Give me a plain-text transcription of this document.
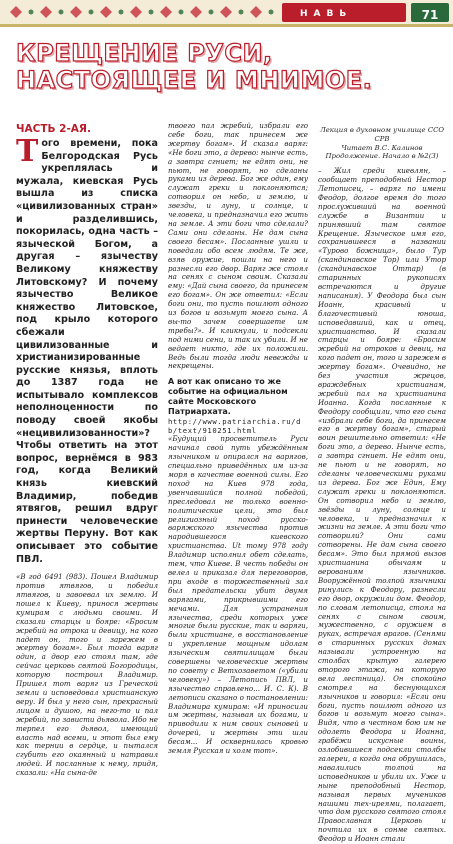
НАВЬ	71
КРЕЩЕНИЕ РУСИ,
НАСТОЯЩЕЕ И МНИМОЕ.
ЧАСТЬ 2-АЯ.

Того времени, пока Белгородская Русь укреплялась и мужала, киевская Русь вышла из списка «цивилизованных стран» и разделившись, покорилась, одна часть – языческой Богом, а другая – язычеству Великому княжеству Литовскому? И почему язычество Великое княжество Литовское, под крыло которого сбежали цивилизованные и христианизированные русские князья, вплоть до 1387 года не испытывало комплексов неполноценности по поводу своей якобы «нецивилизованности»? Чтобы ответить на этот вопрос, вернёмся в 983 год, когда Великий князь киевский Владимир, победив ятвягов, решил вдруг принести человеческие жертвы Перуну. Вот как описывает это событие ПВЛ.

«В год 6491 (983). Пошел Владимир против ятвягов, и победил ятвягов, и завоевал их землю. И пошел к Киеву, принося жертвы кумирам с людьми своими. И сказали старцы и бояре: «Бросим жребий на отрока и девицу, на кого падет он, того и зарежем в жертву богам». Был тогда варяг один, а двор его стоял там, где сейчас церковь святой Богородицы, которую построил Владимир. Пришел тот варяг из Греческой земли и исповедовал христианскую веру. И был у него сын, прекрасный лицом и душою, на него-то и пал жребий, по зависти дьявола. Ибо не терпел его дьявол, имеющий власть над всеми, и этот был ему как тернии в сердце, и пытался сгубить его окаянный и натравил людей. И посланные к нему, придя, сказали: «На сына-де

твоего пал жребий, избрали его себе боги, так принесем же жертву богам». И сказал варяг: «Не боги это, а дерево: нынче есть, а завтра сгниет; не едят они, не пьют, не говорят, но сделаны руками из дерева. Бог же один, ему служат греки и поклоняются; сотворил он небо, и землю, и звезды, и луну, и солнце, и человека, и предназначил его жить на земле. А эти боги что сделали? Сами они сделаны. Не дам сына своего бесам». Посланные ушли и поведали обо всем людям. Те же, взяв оружие, пошли на него и разнесли его двор. Варяг же стоял на сенях с сыном своим. Сказали ему: «Дай сына своего, да принесем его богам». Он же ответил: «Если боги они, то пусть пошлют одного из богов и возьмут моего сына. А вы-то зачем совершаете им требы?». И кликнули, и подсекли под ними сени, и так их убили. И не ведает никто, где их положили. Ведь были тогда люди невежды и некрещены.

А вот как описано то же событие на официальном сайте Московского Патриархата.

http://www.patriarchia.ru/db/text/910251.html

«Будущий просветитель Руси начинал свой путь убеждённым язычником и опирался на варягов, специально приведённых им из-за моря в качестве военной силы. Его поход на Киев 978 года, увенчавшийся полной победой, преследовал не только военно-политические цели, это был религиозный поход русско-варяжского язычества против народившегося киевского христианства. Ut тому 978 году Владимир исполнил обет сделать, тем, что Киеве. В честь победы он велел и приказал для переговоров, при входе в торжественный зал был предательски убит двумя варягами, прикрывшими его мечами. Для устранения язычества, среди которых уже многие были русские, так и варяги, были христиане, в восстановление и укрепление мощным идолам языческим святилищам были совершены человеческие жертвы по совету с Ветхозаветом («убили человеку») – Летопись ПВЛ, и язычество справлено... И. С. К). В летописи сказано о постановлении: Владимира кумирам: «И приносили им жертвы, называя их богами, и приводили к ним своих сыновей и дочерей, и жертвы эти шли бесам... И осквернилась кровью земля Русская и холм тот».

Лекция в духовном училище ССО СРВ
Читает В.С. Калинов
Продолжение. Начало в №2(3)

– Жил среди киевлян, – сообщает преподобный Нестор Летописец, – варяг по имени Феодор, долгое время до того прослуживший на военной службе в Византии и принявший там святое Крещение. Языческое имя его, сохранившееся в названии «Турово божница», было Тур (скандинавское Тор) или Утор (скандинавское Оттар) (в старинных рукописях встречаются и другие написания). У Феодора был сын Иоанн, красивый и благочестивый юноша, исповедавший, как и отец, христианство. И сказали старцы и бояре: «Бросим жребий на отроков и девиц, на кого падет он, того и зарежем в жертву богам». Очевидно, не без участия жрецов, враждебных христианам, жребий пал на христианина Иоанна. Когда посланные к Феодору сообщили, что его сына «избрали себе боги, да принесем его в жертву богам», старый воин решительно ответил: «Не боги это, а дерево. Нынче есть, а завтра сгниет. Не едят они, не пьют и не говорят, но сделаны человеческими руками из дерева. Бог же Един, Ему служат греки и поклоняются. Он сотворил небо и землю, звёзды и луну, солнце и человека, и предназначил к жизни на земле. А эти боги что сотворили? Они сами сотворены. Не дам сына своего бесам». Это был прямой вызов христианина обычаям и верованиям язычников. Вооружённой толпой язычники ринулись к Феодору, разнесли его двор, окружили дом. Феодор, по словам летописца, стоял на сенях с сыном своим, мужественно, с оружием в руках, встречая врагов. (Сенями в старинных русских домах называли устроенную на столбах крытую галерею второго этажа, на которую вела лестница). Он спокойно смотрел на беснующихся язычников и говорил: «Если они боги, пусть пошлют одного из богов и возьмут моего сына». Видя, что в честном бою им не одолеть Феодора и Иоанна, грабёжи искусные воины, озлобившиеся подсекли столбы галереи, а когда она обрушилась, навалились толпой на исповедников и убили их. Уже и ныне преподобный Нестор, называя первых мучеников нашими тех-иреями, полагает, что дом русского святого стоял Православная Церковь и почтила их в сонме святых. Феодор и Иоанн стали
